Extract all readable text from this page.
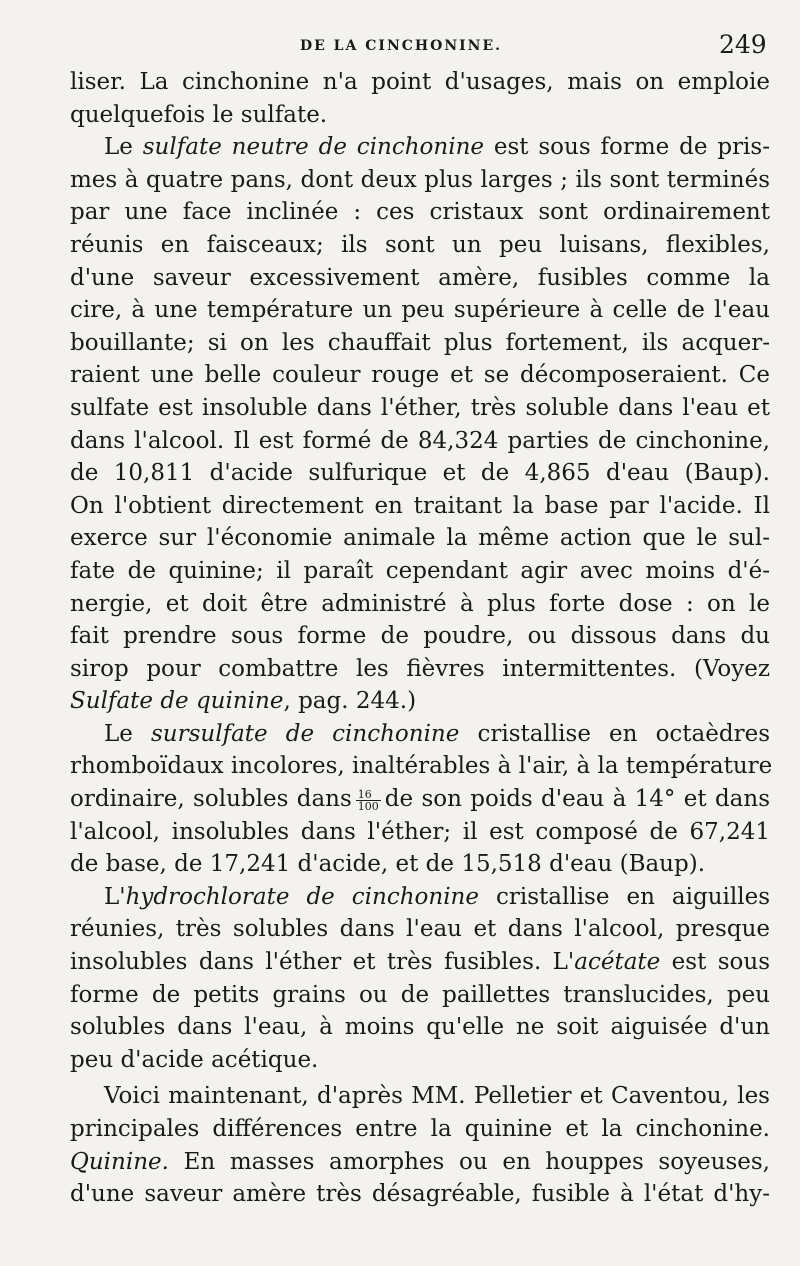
DE LA CINCHONINE.	249
liser. La cinchonine n'a point d'usages, mais on emploie
quelquefois le sulfate.
Le sulfate neutre de cinchonine est sous forme de pris-
mes à quatre pans, dont deux plus larges ; ils sont terminés
par une face inclinée : ces cristaux sont ordinairement
réunis en faisceaux; ils sont un peu luisans, flexibles,
d'une saveur excessivement amère, fusibles comme la
cire, à une température un peu supérieure à celle de l'eau
bouillante; si on les chauffait plus fortement, ils acquer-
raient une belle couleur rouge et se décomposeraient. Ce
sulfate est insoluble dans l'éther, très soluble dans l'eau et
dans l'alcool. Il est formé de 84,324 parties de cinchonine,
de 10,811 d'acide sulfurique et de 4,865 d'eau (Baup).
On l'obtient directement en traitant la base par l'acide. Il
exerce sur l'économie animale la même action que le sul-
fate de quinine; il paraît cependant agir avec moins d'é-
nergie, et doit être administré à plus forte dose : on le
fait prendre sous forme de poudre, ou dissous dans du
sirop pour combattre les fièvres intermittentes. (Voyez
Sulfate de quinine, pag. 244.)
Le sursulfate de cinchonine cristallise en octaèdres
rhomboïdaux incolores, inaltérables à l'air, à la température
ordinaire, solubles dans $\frac{16}{100}$ de son poids d'eau à 14° et dans
l'alcool, insolubles dans l'éther; il est composé de 67,241
de base, de 17,241 d'acide, et de 15,518 d'eau (Baup).
L'hydrochlorate de cinchonine cristallise en aiguilles
réunies, très solubles dans l'eau et dans l'alcool, presque
insolubles dans l'éther et très fusibles. L'acétate est sous
forme de petits grains ou de paillettes translucides, peu
solubles dans l'eau, à moins qu'elle ne soit aiguisée d'un
peu d'acide acétique.
Voici maintenant, d'après MM. Pelletier et Caventou, les
principales différences entre la quinine et la cinchonine.
Quinine. En masses amorphes ou en houppes soyeuses,
d'une saveur amère très désagréable, fusible à l'état d'hy-
